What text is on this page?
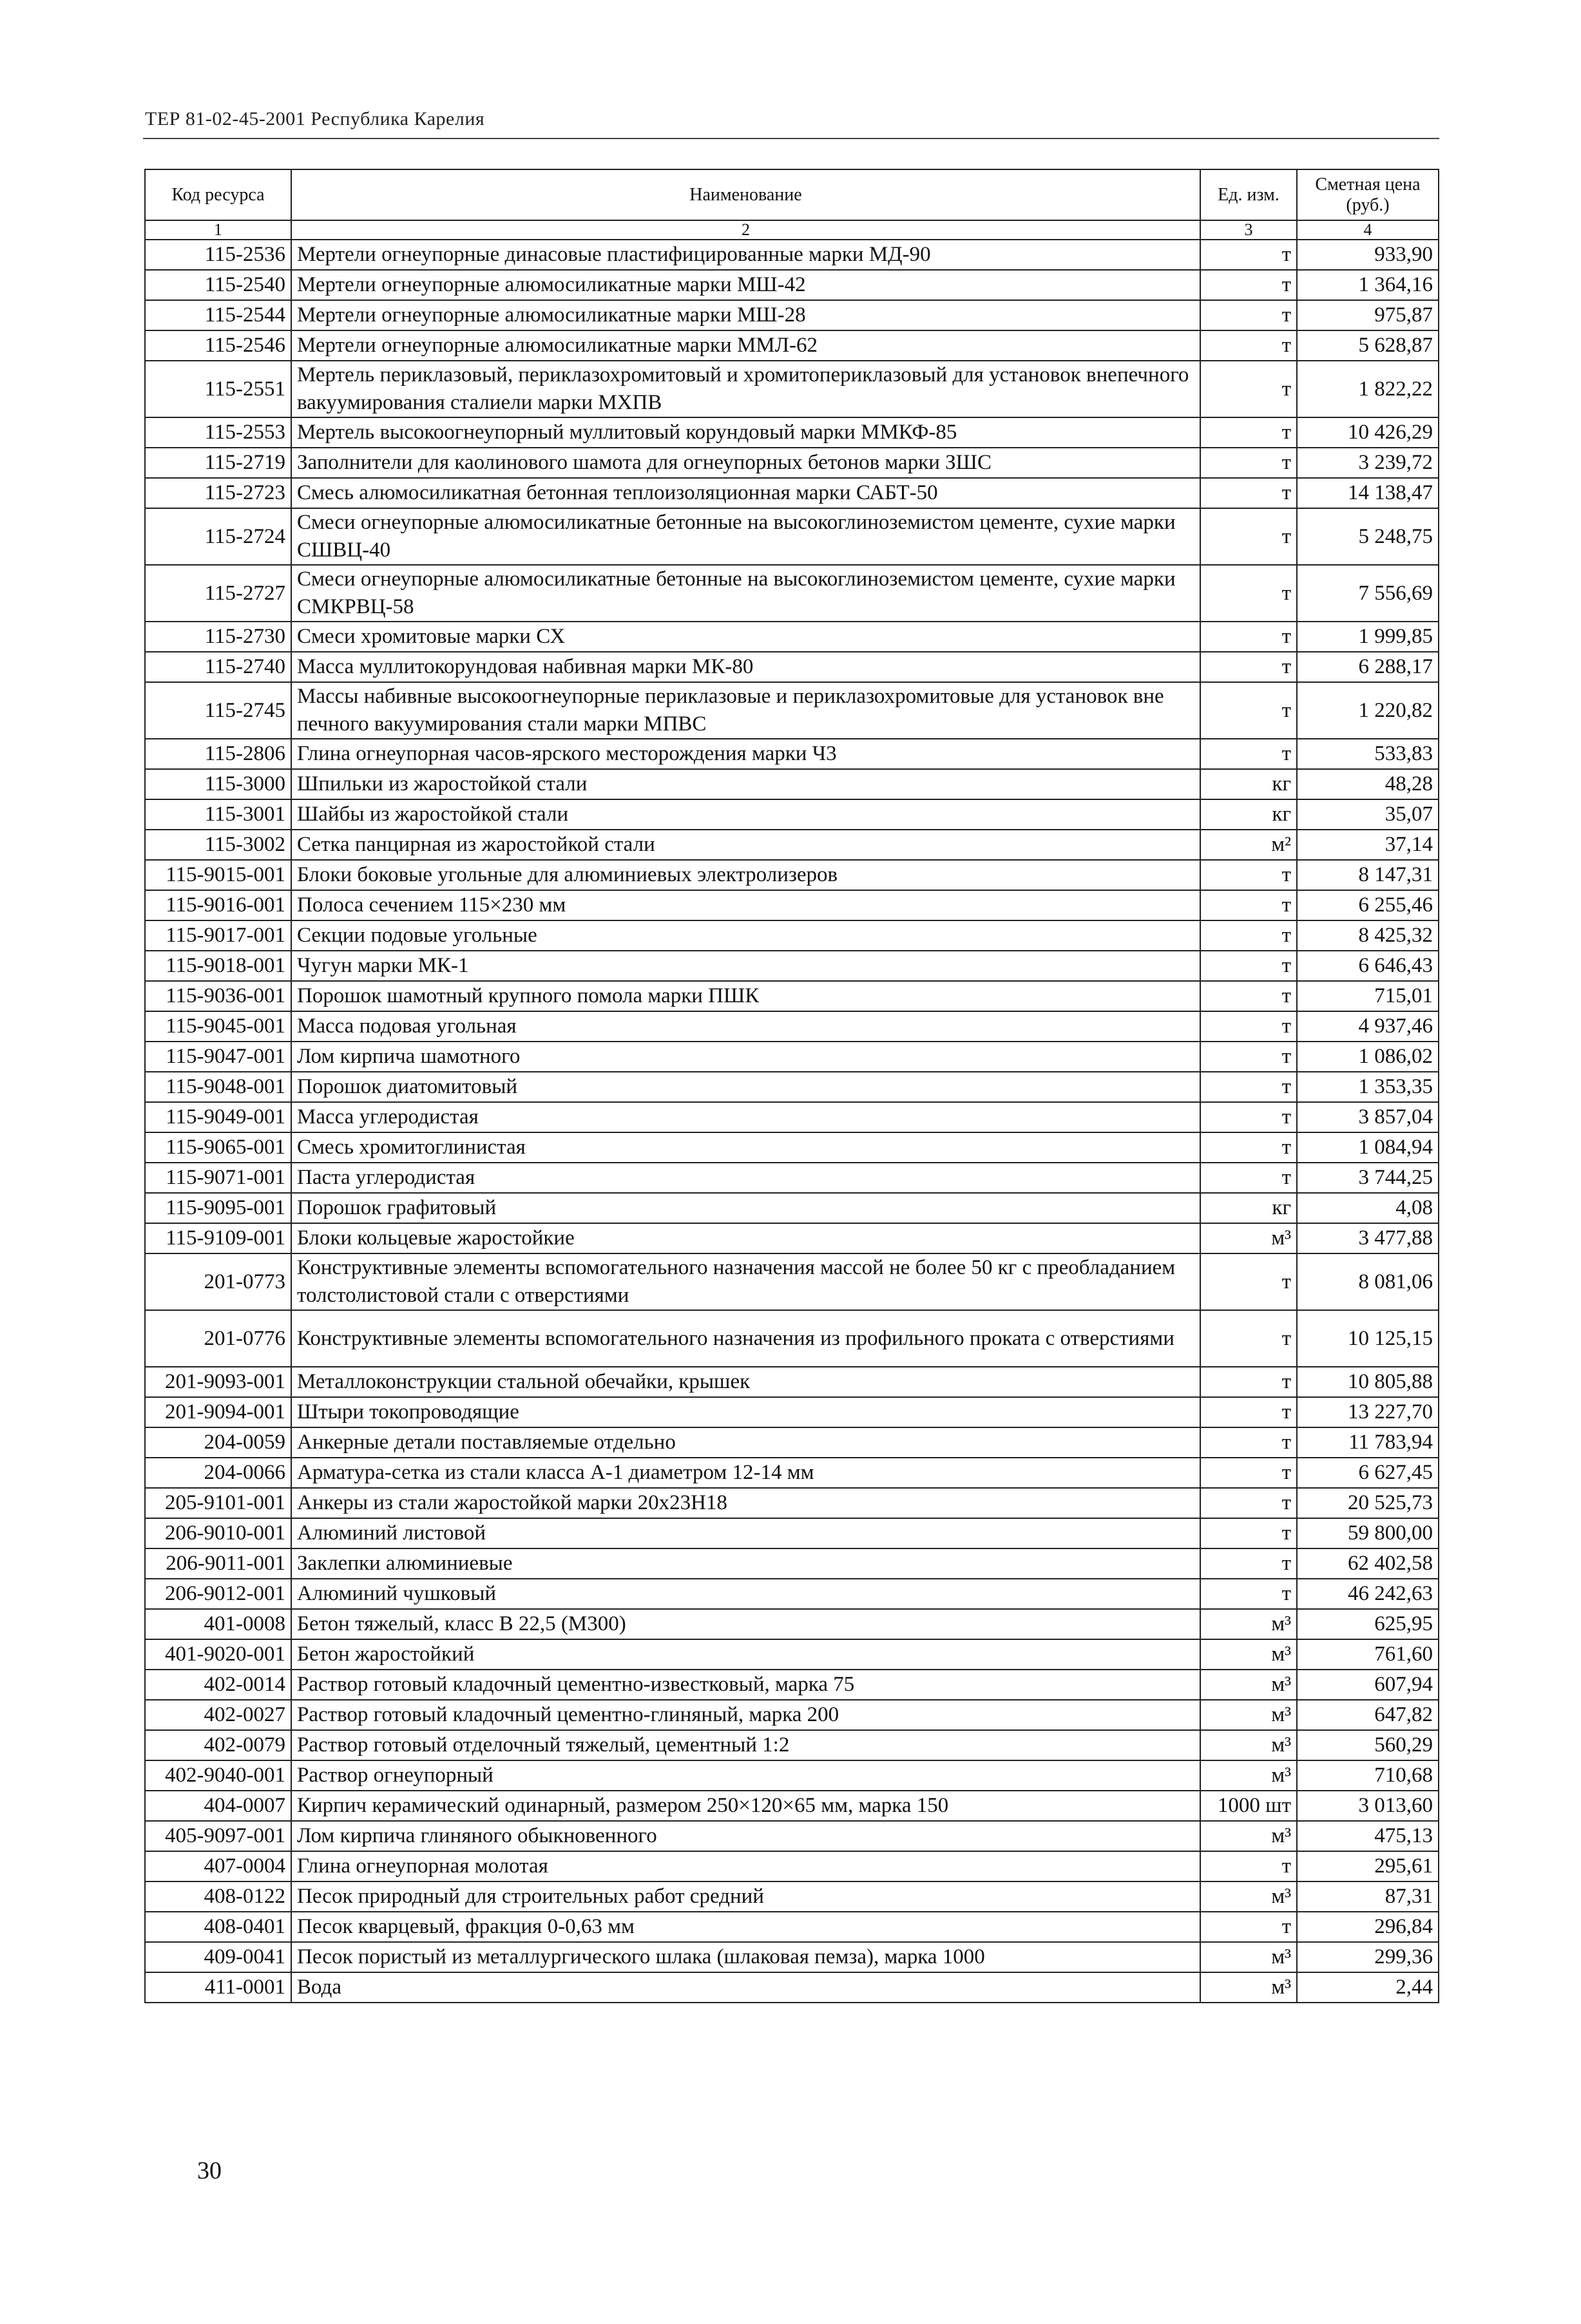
ТЕР 81-02-45-2001 Республика Карелия
Код ресурса	Наименование	Ед. изм.	Сметная цена (руб.)
1	2	3	4
115-2536	Мертели огнеупорные динасовые пластифицированные марки МД-90	т	933,90
115-2540	Мертели огнеупорные алюмосиликатные марки МШ-42	т	1 364,16
115-2544	Мертели огнеупорные алюмосиликатные марки МШ-28	т	975,87
115-2546	Мертели огнеупорные алюмосиликатные марки ММЛ-62	т	5 628,87
115-2551	Мертель периклазовый, периклазохромитовый и хромитопериклазовый для установок внепечного вакуумирования сталиели марки МХПВ	т	1 822,22
115-2553	Мертель высокоогнеупорный муллитовый корундовый марки ММКФ-85	т	10 426,29
115-2719	Заполнители для каолинового шамота для огнеупорных бетонов марки ЗШС	т	3 239,72
115-2723	Смесь алюмосиликатная бетонная теплоизоляционная марки САБТ-50	т	14 138,47
115-2724	Смеси огнеупорные алюмосиликатные бетонные на высокоглиноземистом цементе, сухие марки СШВЦ-40	т	5 248,75
115-2727	Смеси огнеупорные алюмосиликатные бетонные на высокоглиноземистом цементе, сухие марки СМКРВЦ-58	т	7 556,69
115-2730	Смеси хромитовые марки СХ	т	1 999,85
115-2740	Масса муллитокорундовая набивная марки МК-80	т	6 288,17
115-2745	Массы набивные высокоогнеупорные периклазовые и периклазохромитовые для установок вне печного вакуумирования стали марки МПВС	т	1 220,82
115-2806	Глина огнеупорная часов-ярского месторождения марки Ч3	т	533,83
115-3000	Шпильки из жаростойкой стали	кг	48,28
115-3001	Шайбы из жаростойкой стали	кг	35,07
115-3002	Сетка панцирная из жаростойкой стали	м²	37,14
115-9015-001	Блоки боковые угольные для алюминиевых электролизеров	т	8 147,31
115-9016-001	Полоса сечением 115×230 мм	т	6 255,46
115-9017-001	Секции подовые угольные	т	8 425,32
115-9018-001	Чугун марки МК-1	т	6 646,43
115-9036-001	Порошок шамотный крупного помола марки ПШК	т	715,01
115-9045-001	Масса подовая угольная	т	4 937,46
115-9047-001	Лом кирпича шамотного	т	1 086,02
115-9048-001	Порошок диатомитовый	т	1 353,35
115-9049-001	Масса углеродистая	т	3 857,04
115-9065-001	Смесь хромитоглинистая	т	1 084,94
115-9071-001	Паста углеродистая	т	3 744,25
115-9095-001	Порошок графитовый	кг	4,08
115-9109-001	Блоки кольцевые жаростойкие	м³	3 477,88
201-0773	Конструктивные элементы вспомогательного назначения массой не более 50 кг с преобладанием толстолистовой стали с отверстиями	т	8 081,06
201-0776	Конструктивные элементы вспомогательного назначения из профильного проката с отверстиями	т	10 125,15
201-9093-001	Металлоконструкции стальной обечайки, крышек	т	10 805,88
201-9094-001	Штыри токопроводящие	т	13 227,70
204-0059	Анкерные детали поставляемые отдельно	т	11 783,94
204-0066	Арматура-сетка из стали класса А-1 диаметром 12-14 мм	т	6 627,45
205-9101-001	Анкеры из стали жаростойкой марки 20х23Н18	т	20 525,73
206-9010-001	Алюминий листовой	т	59 800,00
206-9011-001	Заклепки алюминиевые	т	62 402,58
206-9012-001	Алюминий чушковый	т	46 242,63
401-0008	Бетон тяжелый, класс В 22,5 (М300)	м³	625,95
401-9020-001	Бетон жаростойкий	м³	761,60
402-0014	Раствор готовый кладочный цементно-известковый, марка 75	м³	607,94
402-0027	Раствор готовый кладочный цементно-глиняный, марка 200	м³	647,82
402-0079	Раствор готовый отделочный тяжелый, цементный 1:2	м³	560,29
402-9040-001	Раствор огнеупорный	м³	710,68
404-0007	Кирпич керамический одинарный, размером 250×120×65 мм, марка 150	1000 шт	3 013,60
405-9097-001	Лом кирпича глиняного обыкновенного	м³	475,13
407-0004	Глина огнеупорная молотая	т	295,61
408-0122	Песок природный для строительных работ средний	м³	87,31
408-0401	Песок кварцевый, фракция 0-0,63 мм	т	296,84
409-0041	Песок пористый из металлургического шлака (шлаковая пемза), марка 1000	м³	299,36
411-0001	Вода	м³	2,44
30
